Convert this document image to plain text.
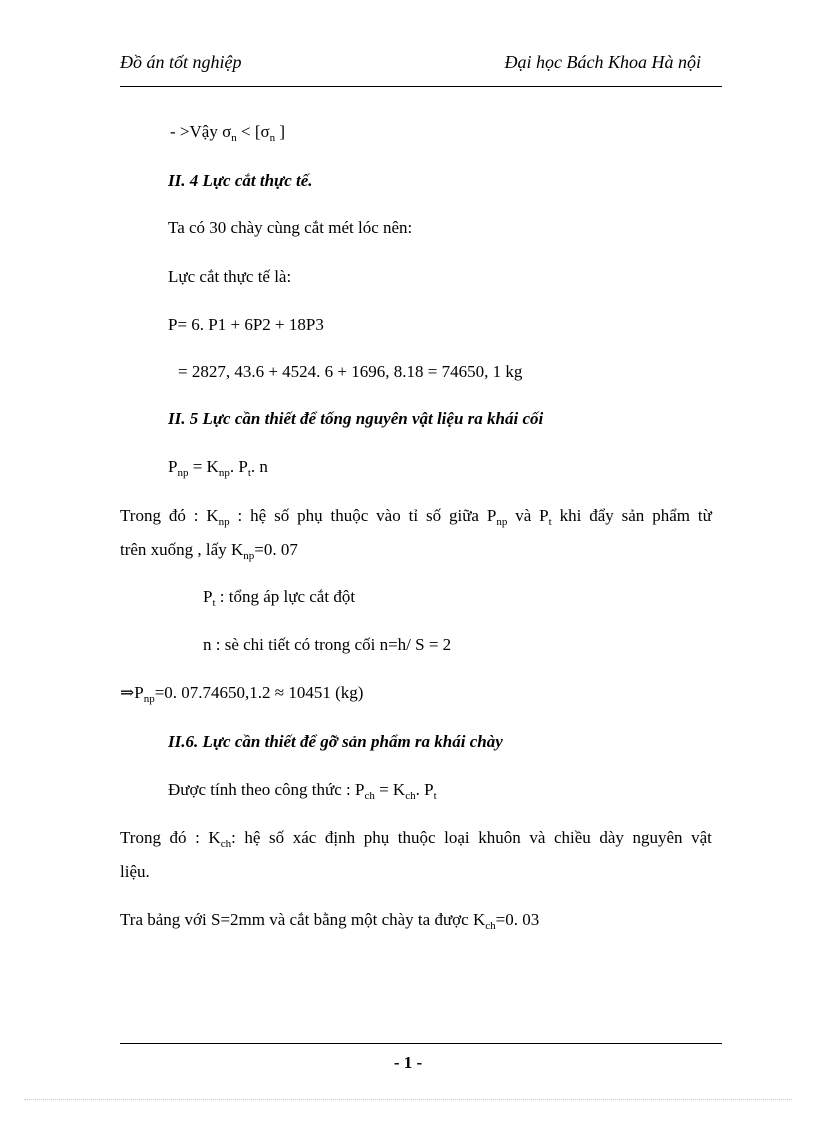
Đồ án tốt nghiệp	Đại học Bách Khoa Hà nội
- >Vậy $\sigma_n < [\sigma_n$ ]
II. 4 Lực cắt thực tế.
Ta có 30 chày cùng cắt mét lóc nên:
Lực cắt thực tế là:
P= 6. P1 + 6P2 + 18P3
= 2827, 43.6 + 4524. 6 + 1696, 8.18 = 74650, 1 kg
II. 5 Lực cần thiết để tống nguyên vật liệu ra khái cối
$P_{np} = K_{np}$. $P_t$. n
Trong đó : $K_{np}$ : hệ số phụ thuộc vào tỉ số giữa $P_{np}$ và $P_t$ khi đẩy sản phẩm từ
trên xuống , lấy $K_{np}=0$. 07
$P_t$ : tổng áp lực cắt đột
n : sè chi tiết có trong cối n=h/ S = 2
$\Rightarrow P_{np}=0$. 07.74650,1.2 ≈ 10451 (kg)
II.6. Lực cần thiết để gỡ sản phẩm ra khái chày
Được tính theo công thức : $P_{ch} = K_{ch}$. $P_t$
Trong đó : $K_{ch}$: hệ số xác định phụ thuộc loại khuôn và chiều dày nguyên vật
liệu.
Tra bảng với S=2mm và cắt bằng một chày ta được $K_{ch}=0$. 03
- 1 -
